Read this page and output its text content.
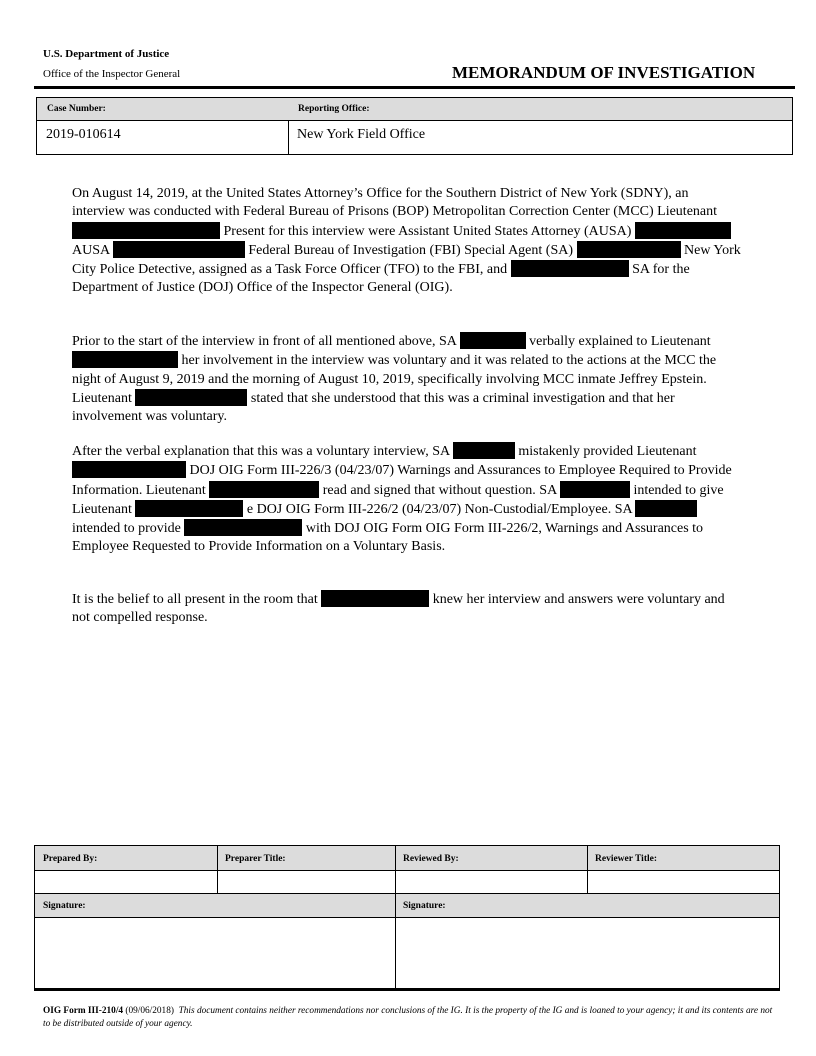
U.S. Department of Justice
Office of the Inspector General	MEMORANDUM OF INVESTIGATION
Case Number:
2019-010614
Reporting Office:
New York Field Office

On August 14, 2019, at the United States Attorney’s Office for the Southern District of New York (SDNY), an interview was conducted with Federal Bureau of Prisons (BOP) Metropolitan Correction Center (MCC) Lieutenant  Present for this interview were Assistant United States Attorney (AUSA)  AUSA	Federal Bureau of Investigation (FBI) Special Agent (SA)	New York City Police Detective, assigned as a Task Force Officer (TFO) to the FBI, and	SA for the Department of Justice (DOJ) Office of the Inspector General (OIG).

Prior to the start of the interview in front of all mentioned above, SA	verbally explained to Lieutenant  her involvement in the interview was voluntary and it was related to the actions at the MCC the night of August 9, 2019 and the morning of August 10, 2019, specifically involving MCC inmate Jeffrey Epstein. Lieutenant	stated that she understood that this was a criminal investigation and that her involvement was voluntary.

After the verbal explanation that this was a voluntary interview, SA	mistakenly provided Lieutenant  DOJ OIG Form III-226/3 (04/23/07) Warnings and Assurances to Employee Required to Provide Information. Lieutenant	read and signed that without question. SA	intended to give Lieutenant	e DOJ OIG Form III-226/2 (04/23/07) Non-Custodial/Employee. SA  intended to provide	with DOJ OIG Form OIG Form III-226/2, Warnings and Assurances to Employee Requested to Provide Information on a Voluntary Basis.

It is the belief to all present in the room that	knew her interview and answers were voluntary and not compelled response.

Prepared By:	Preparer Title:	Reviewed By:	Reviewer Title:
Signature:	Signature:
OIG Form III-210/4 (09/06/2018) This document contains neither recommendations nor conclusions of the IG. It is the property of the IG and is loaned to your agency; it and its contents are not to be distributed outside of your agency.
